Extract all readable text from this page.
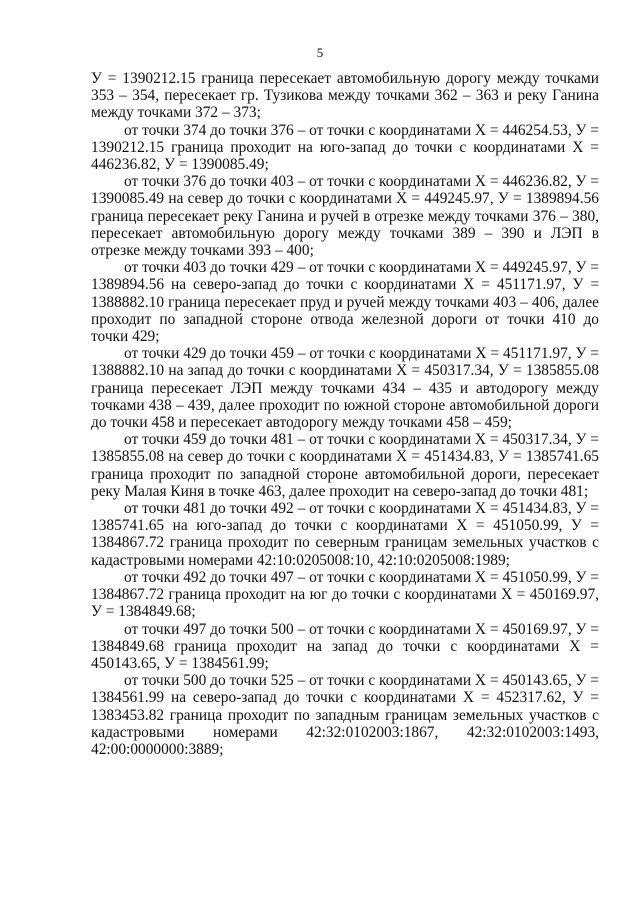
5

У = 1390212.15 граница пересекает автомобильную дорогу между точками 353 – 354, пересекает гр. Тузикова между точками 362 – 363 и реку Ганина между точками 372 – 373;

от точки 374 до точки 376 – от точки с координатами Х = 446254.53, У = 1390212.15 граница проходит на юго-запад до точки с координатами Х = 446236.82, У = 1390085.49;

от точки 376 до точки 403 – от точки с координатами Х = 446236.82, У = 1390085.49 на север до точки с координатами Х = 449245.97, У = 1389894.56 граница пересекает реку Ганина и ручей в отрезке между точками 376 – 380, пересекает автомобильную дорогу между точками 389 – 390 и ЛЭП в отрезке между точками 393 – 400;

от точки 403 до точки 429 – от точки с координатами Х = 449245.97, У = 1389894.56 на северо-запад до точки с координатами Х = 451171.97, У = 1388882.10 граница пересекает пруд и ручей между точками 403 – 406, далее проходит по западной стороне отвода железной дороги от точки 410 до точки 429;

от точки 429 до точки 459 – от точки с координатами Х = 451171.97, У = 1388882.10 на запад до точки с координатами Х = 450317.34, У = 1385855.08 граница пересекает ЛЭП между точками 434 – 435 и автодорогу между точками 438 – 439, далее проходит по южной стороне автомобильной дороги до точки 458 и пересекает автодорогу между точками 458 – 459;

от точки 459 до точки 481 – от точки с координатами Х = 450317.34, У = 1385855.08 на север до точки с координатами Х = 451434.83, У = 1385741.65 граница проходит по западной стороне автомобильной дороги, пересекает реку Малая Киня в точке 463, далее проходит на северо-запад до точки 481;

от точки 481 до точки 492 – от точки с координатами Х = 451434.83, У = 1385741.65 на юго-запад до точки с координатами Х = 451050.99, У = 1384867.72 граница проходит по северным границам земельных участков с кадастровыми номерами 42:10:0205008:10, 42:10:0205008:1989;

от точки 492 до точки 497 – от точки с координатами Х = 451050.99, У = 1384867.72 граница проходит на юг до точки с координатами Х = 450169.97, У = 1384849.68;

от точки 497 до точки 500 – от точки с координатами Х = 450169.97, У = 1384849.68 граница проходит на запад до точки с координатами Х = 450143.65, У = 1384561.99;

от точки 500 до точки 525 – от точки с координатами Х = 450143.65, У = 1384561.99 на северо-запад до точки с координатами Х = 452317.62, У = 1383453.82 граница проходит по западным границам земельных участков с кадастровыми номерами 42:32:0102003:1867, 42:32:0102003:1493, 42:00:0000000:3889;
